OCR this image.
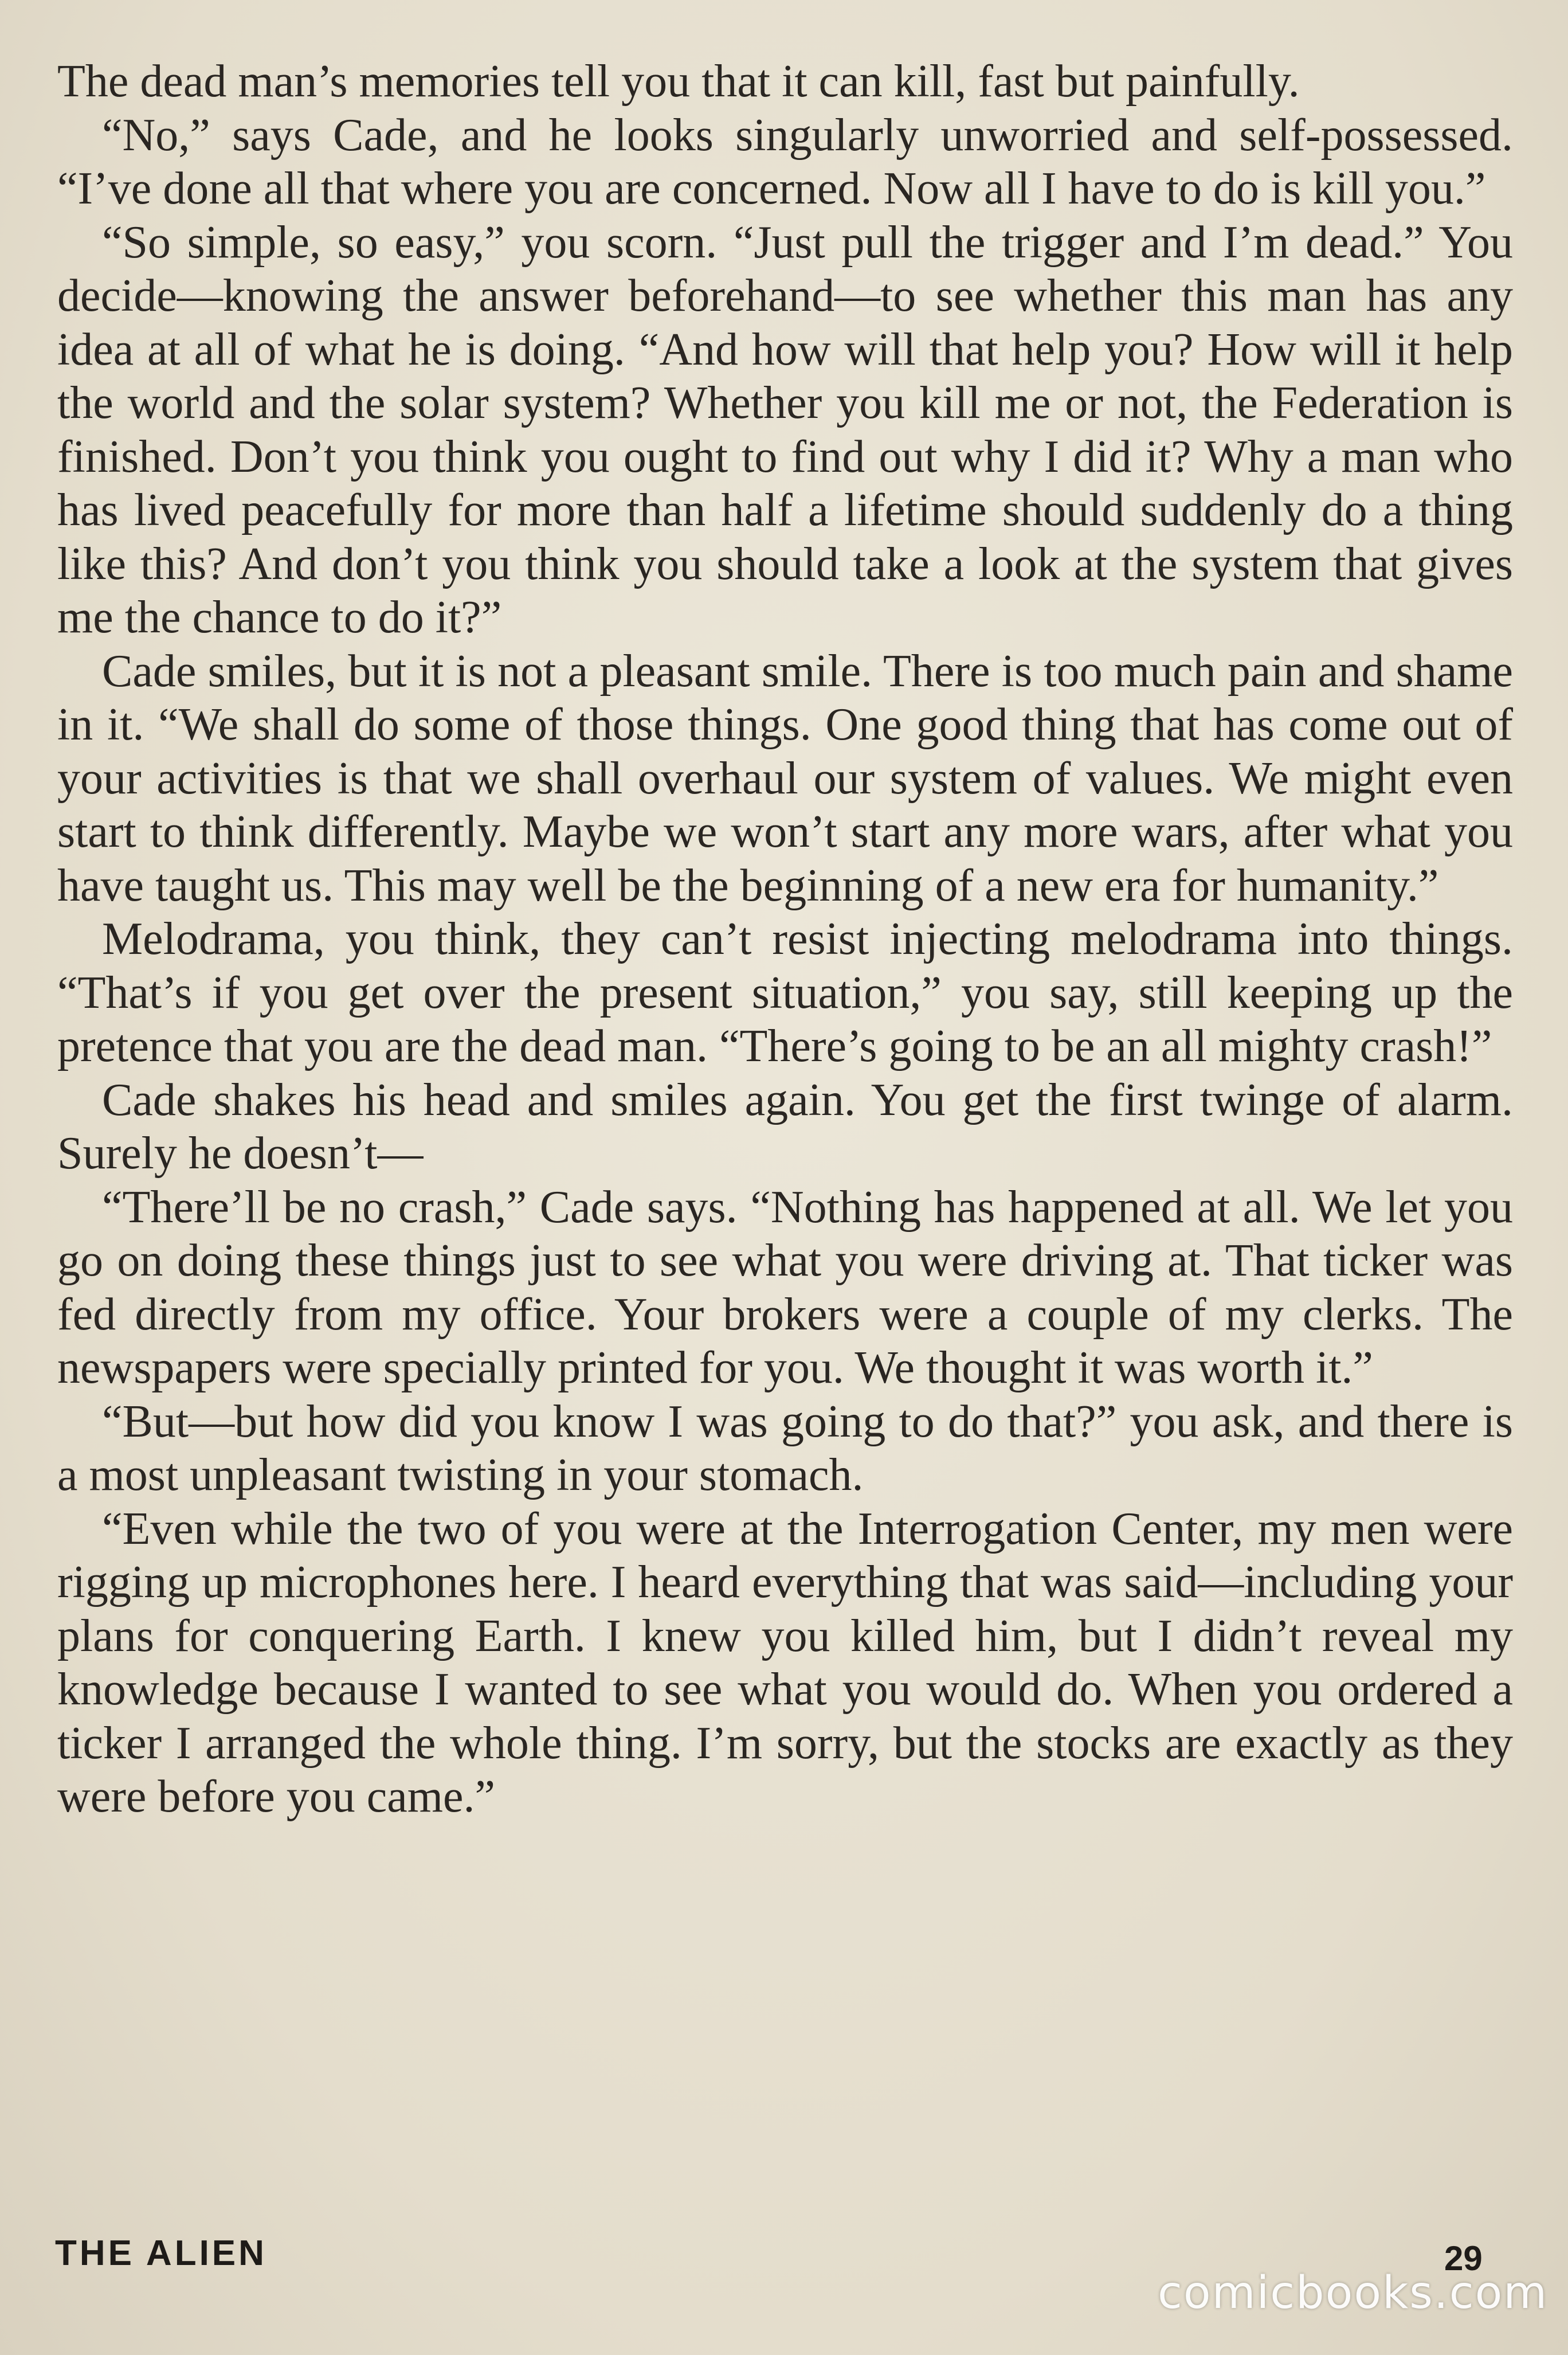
The dead man’s memories tell you that it can kill, fast but painfully.

“No,” says Cade, and he looks singularly unworried and self-possessed. “I’ve done all that where you are concerned. Now all I have to do is kill you.”

“So simple, so easy,” you scorn. “Just pull the trigger and I’m dead.” You decide—knowing the answer beforehand—to see whether this man has any idea at all of what he is doing. “And how will that help you? How will it help the world and the solar system? Whether you kill me or not, the Federation is finished. Don’t you think you ought to find out why I did it? Why a man who has lived peacefully for more than half a lifetime should suddenly do a thing like this? And don’t you think you should take a look at the system that gives me the chance to do it?”

Cade smiles, but it is not a pleasant smile. There is too much pain and shame in it. “We shall do some of those things. One good thing that has come out of your activities is that we shall overhaul our system of values. We might even start to think differently. Maybe we won’t start any more wars, after what you have taught us. This may well be the beginning of a new era for humanity.”

Melodrama, you think, they can’t resist injecting melodrama into things. “That’s if you get over the present situation,” you say, still keeping up the pretence that you are the dead man. “There’s going to be an all mighty crash!”

Cade shakes his head and smiles again. You get the first twinge of alarm. Surely he doesn’t—

“There’ll be no crash,” Cade says. “Nothing has happened at all. We let you go on doing these things just to see what you were driving at. That ticker was fed directly from my office. Your brokers were a couple of my clerks. The newspapers were specially printed for you. We thought it was worth it.”

“But—but how did you know I was going to do that?” you ask, and there is a most unpleasant twisting in your stomach.

“Even while the two of you were at the Interrogation Center, my men were rigging up microphones here. I heard everything that was said—including your plans for conquering Earth. I knew you killed him, but I didn’t reveal my knowledge because I wanted to see what you would do. When you ordered a ticker I arranged the whole thing. I’m sorry, but the stocks are exactly as they were before you came.”

THE ALIEN	29
comicbooks.com
